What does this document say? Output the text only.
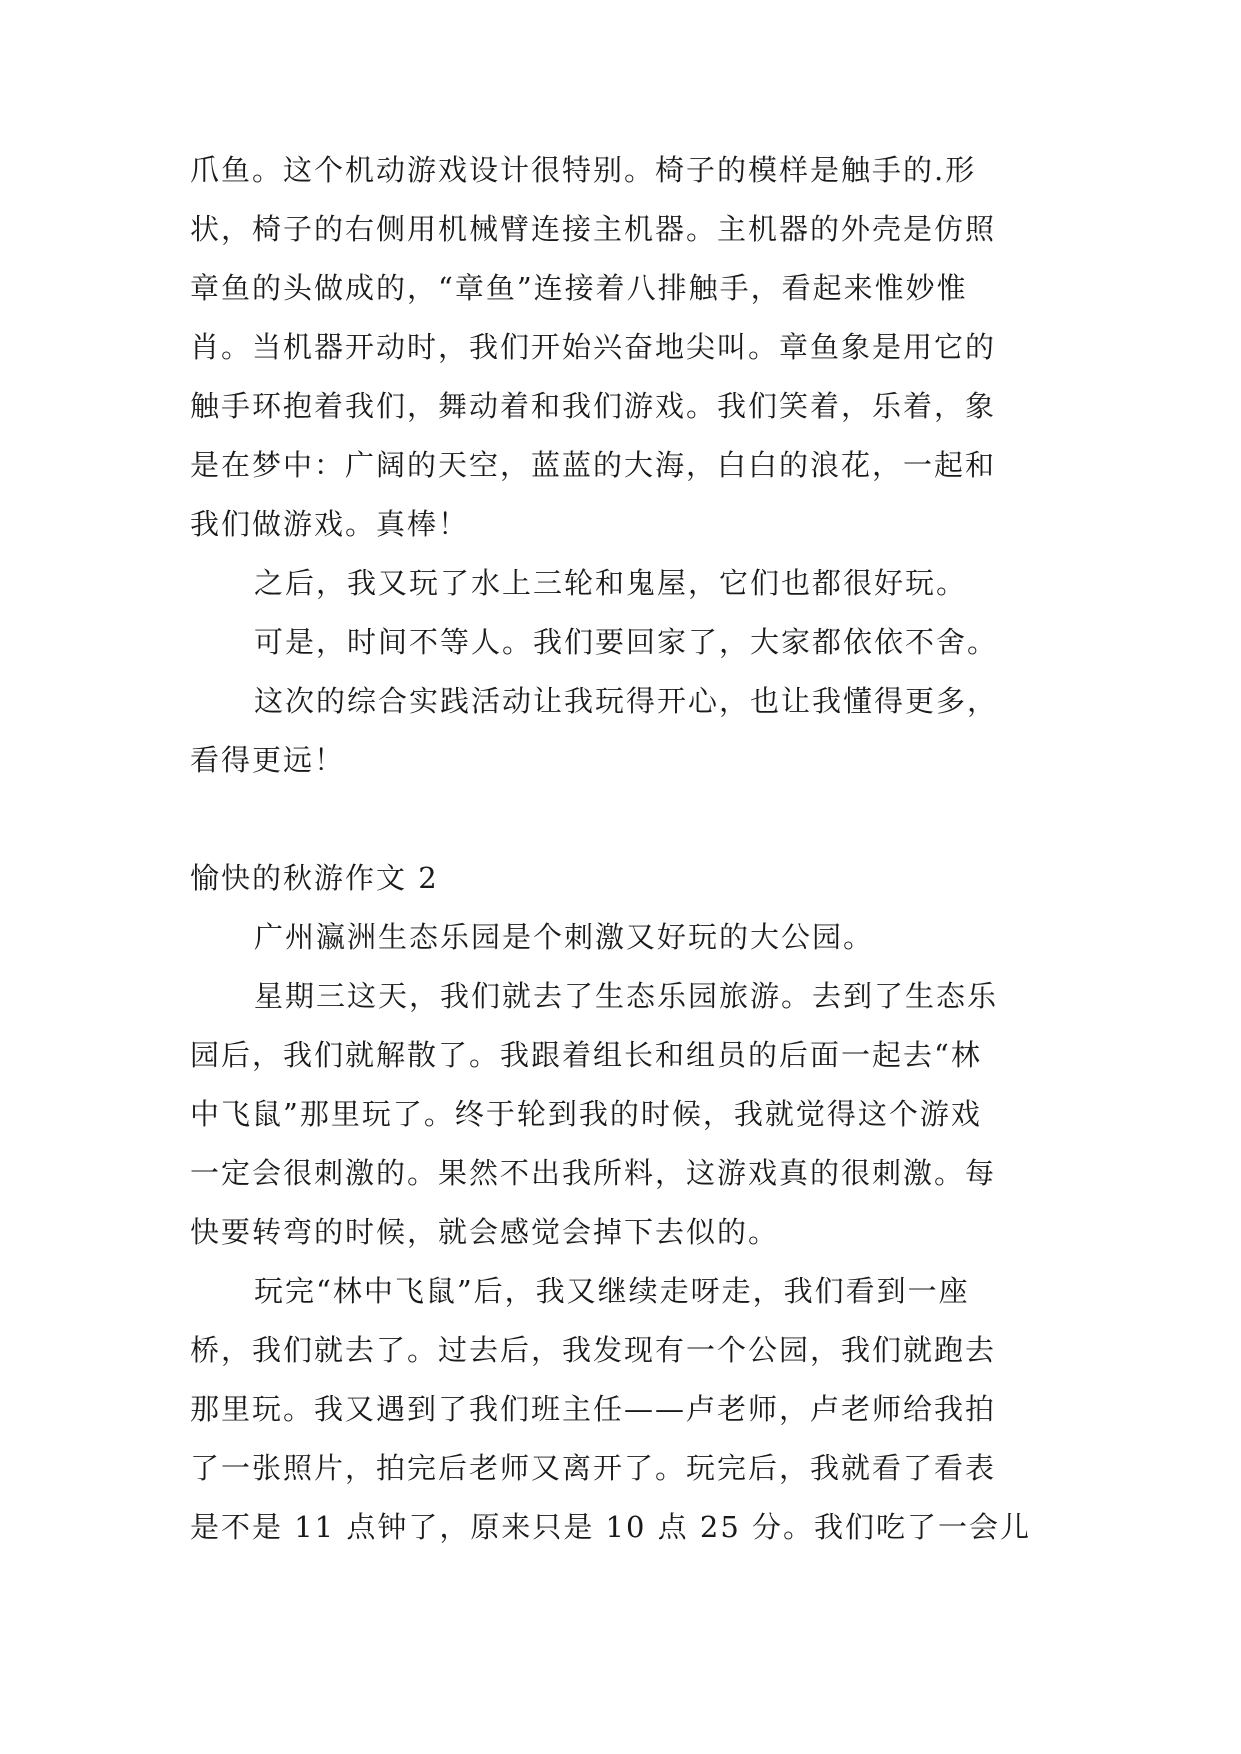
爪鱼。这个机动游戏设计很特别。椅子的模样是触手的.形
状，椅子的右侧用机械臂连接主机器。主机器的外壳是仿照
章鱼的头做成的，“章鱼”连接着八排触手，看起来惟妙惟
肖。当机器开动时，我们开始兴奋地尖叫。章鱼象是用它的
触手环抱着我们，舞动着和我们游戏。我们笑着，乐着，象
是在梦中：广阔的天空，蓝蓝的大海，白白的浪花，一起和
我们做游戏。真棒！
之后，我又玩了水上三轮和鬼屋，它们也都很好玩。
可是，时间不等人。我们要回家了，大家都依依不舍。
这次的综合实践活动让我玩得开心，也让我懂得更多，
看得更远！
愉快的秋游作文 2
广州瀛洲生态乐园是个刺激又好玩的大公园。
星期三这天，我们就去了生态乐园旅游。去到了生态乐
园后，我们就解散了。我跟着组长和组员的后面一起去“林
中飞鼠”那里玩了。终于轮到我的时候，我就觉得这个游戏
一定会很刺激的。果然不出我所料，这游戏真的很刺激。每
快要转弯的时候，就会感觉会掉下去似的。
玩完“林中飞鼠”后，我又继续走呀走，我们看到一座
桥，我们就去了。过去后，我发现有一个公园，我们就跑去
那里玩。我又遇到了我们班主任——卢老师，卢老师给我拍
了一张照片，拍完后老师又离开了。玩完后，我就看了看表
是不是 11 点钟了，原来只是 10 点 25 分。我们吃了一会儿
